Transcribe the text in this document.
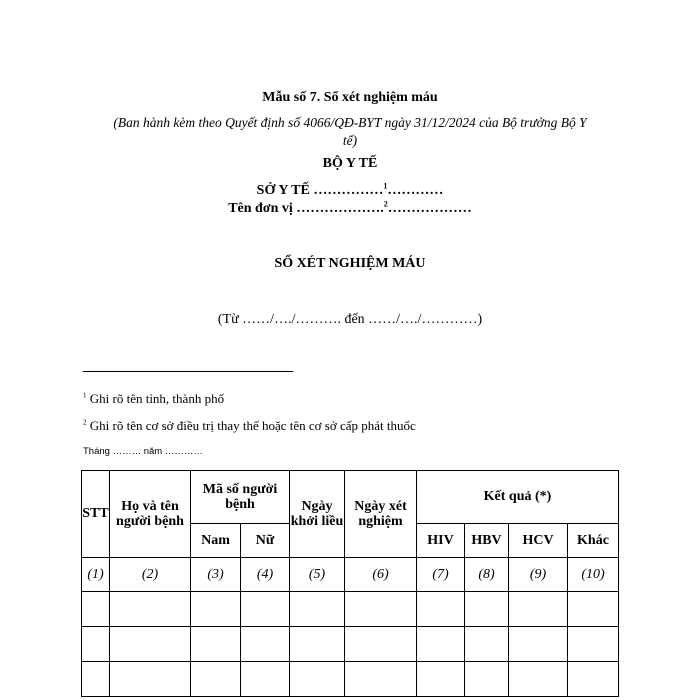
Mẫu số 7. Sổ xét nghiệm máu
(Ban hành kèm theo Quyết định số 4066/QĐ-BYT ngày 31/12/2024 của Bộ trưởng Bộ Y
tế)
BỘ Y TẾ
SỞ Y TẾ ……………$^1$…………
Tên đơn vị ……………….$^2$………………
SỔ XÉT NGHIỆM MÁU
(Từ ……/…./………. đến ……/…./…………)
$^1$ Ghi rõ tên tỉnh, thành phố
$^2$ Ghi rõ tên cơ sở điều trị thay thế hoặc tên cơ sở cấp phát thuốc
Tháng ……… năm …………
STT	Họ và tên người bệnh	Mã số người bệnh		Ngày khởi liều	Ngày xét nghiệm	Kết quả (*)			
		Nam	Nữ			HIV	HBV	HCV	Khác
(1)	(2)	(3)	(4)	(5)	(6)	(7)	(8)	(9)	(10)
